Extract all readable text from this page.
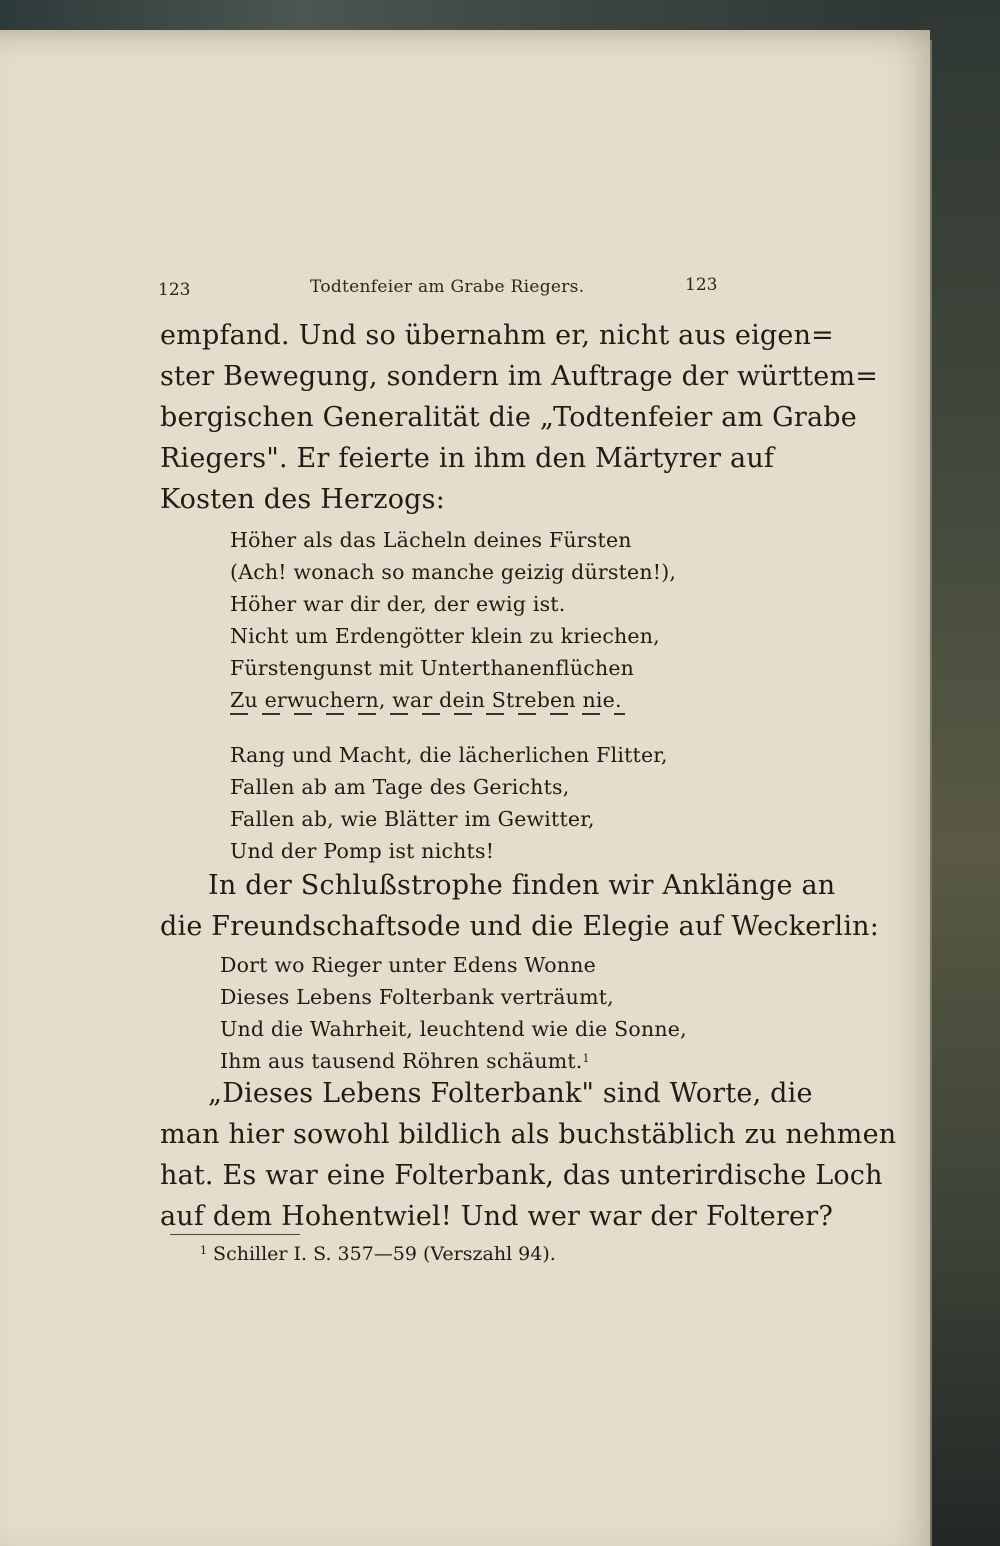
123	Todtenfeier am Grabe Riegers.	123
empfand. Und so übernahm er, nicht aus eigen=
ster Bewegung, sondern im Auftrage der württem=
bergischen Generalität die „Todtenfeier am Grabe
Riegers". Er feierte in ihm den Märtyrer auf
Kosten des Herzogs:
Höher als das Lächeln deines Fürsten
(Ach! wonach so manche geizig dürsten!),
Höher war dir der, der ewig ist.
Nicht um Erdengötter klein zu kriechen,
Fürstengunst mit Unterthanenflüchen
Zu erwuchern, war dein Streben nie.
Rang und Macht, die lächerlichen Flitter,
Fallen ab am Tage des Gerichts,
Fallen ab, wie Blätter im Gewitter,
Und der Pomp ist nichts!
In der Schlußstrophe finden wir Anklänge an
die Freundschaftsode und die Elegie auf Weckerlin:
Dort wo Rieger unter Edens Wonne
Dieses Lebens Folterbank verträumt,
Und die Wahrheit, leuchtend wie die Sonne,
Ihm aus tausend Röhren schäumt.$^1$
„Dieses Lebens Folterbank" sind Worte, die
man hier sowohl bildlich als buchstäblich zu nehmen
hat. Es war eine Folterbank, das unterirdische Loch
auf dem Hohentwiel! Und wer war der Folterer?
$^1$ Schiller I. S. 357—59 (Verszahl 94).
